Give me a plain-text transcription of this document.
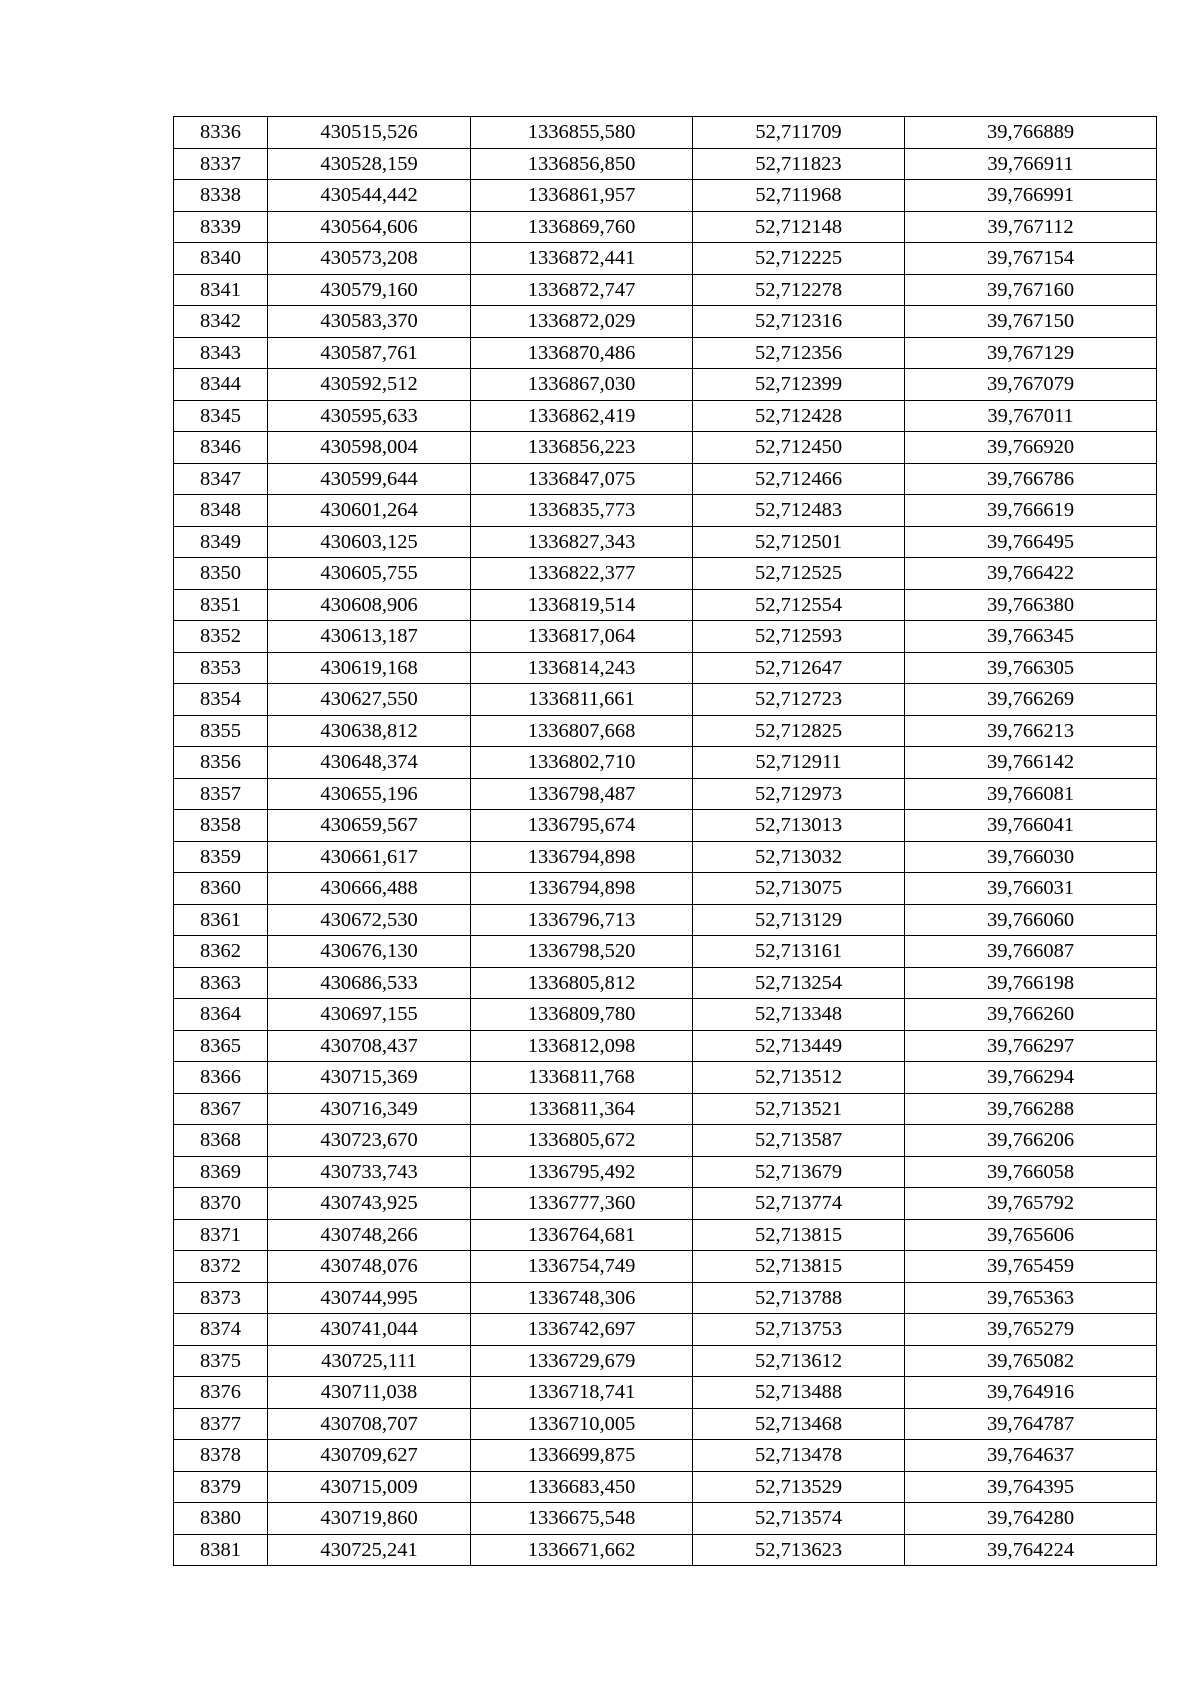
8336	430515,526	1336855,580	52,711709	39,766889
8337	430528,159	1336856,850	52,711823	39,766911
8338	430544,442	1336861,957	52,711968	39,766991
8339	430564,606	1336869,760	52,712148	39,767112
8340	430573,208	1336872,441	52,712225	39,767154
8341	430579,160	1336872,747	52,712278	39,767160
8342	430583,370	1336872,029	52,712316	39,767150
8343	430587,761	1336870,486	52,712356	39,767129
8344	430592,512	1336867,030	52,712399	39,767079
8345	430595,633	1336862,419	52,712428	39,767011
8346	430598,004	1336856,223	52,712450	39,766920
8347	430599,644	1336847,075	52,712466	39,766786
8348	430601,264	1336835,773	52,712483	39,766619
8349	430603,125	1336827,343	52,712501	39,766495
8350	430605,755	1336822,377	52,712525	39,766422
8351	430608,906	1336819,514	52,712554	39,766380
8352	430613,187	1336817,064	52,712593	39,766345
8353	430619,168	1336814,243	52,712647	39,766305
8354	430627,550	1336811,661	52,712723	39,766269
8355	430638,812	1336807,668	52,712825	39,766213
8356	430648,374	1336802,710	52,712911	39,766142
8357	430655,196	1336798,487	52,712973	39,766081
8358	430659,567	1336795,674	52,713013	39,766041
8359	430661,617	1336794,898	52,713032	39,766030
8360	430666,488	1336794,898	52,713075	39,766031
8361	430672,530	1336796,713	52,713129	39,766060
8362	430676,130	1336798,520	52,713161	39,766087
8363	430686,533	1336805,812	52,713254	39,766198
8364	430697,155	1336809,780	52,713348	39,766260
8365	430708,437	1336812,098	52,713449	39,766297
8366	430715,369	1336811,768	52,713512	39,766294
8367	430716,349	1336811,364	52,713521	39,766288
8368	430723,670	1336805,672	52,713587	39,766206
8369	430733,743	1336795,492	52,713679	39,766058
8370	430743,925	1336777,360	52,713774	39,765792
8371	430748,266	1336764,681	52,713815	39,765606
8372	430748,076	1336754,749	52,713815	39,765459
8373	430744,995	1336748,306	52,713788	39,765363
8374	430741,044	1336742,697	52,713753	39,765279
8375	430725,111	1336729,679	52,713612	39,765082
8376	430711,038	1336718,741	52,713488	39,764916
8377	430708,707	1336710,005	52,713468	39,764787
8378	430709,627	1336699,875	52,713478	39,764637
8379	430715,009	1336683,450	52,713529	39,764395
8380	430719,860	1336675,548	52,713574	39,764280
8381	430725,241	1336671,662	52,713623	39,764224
